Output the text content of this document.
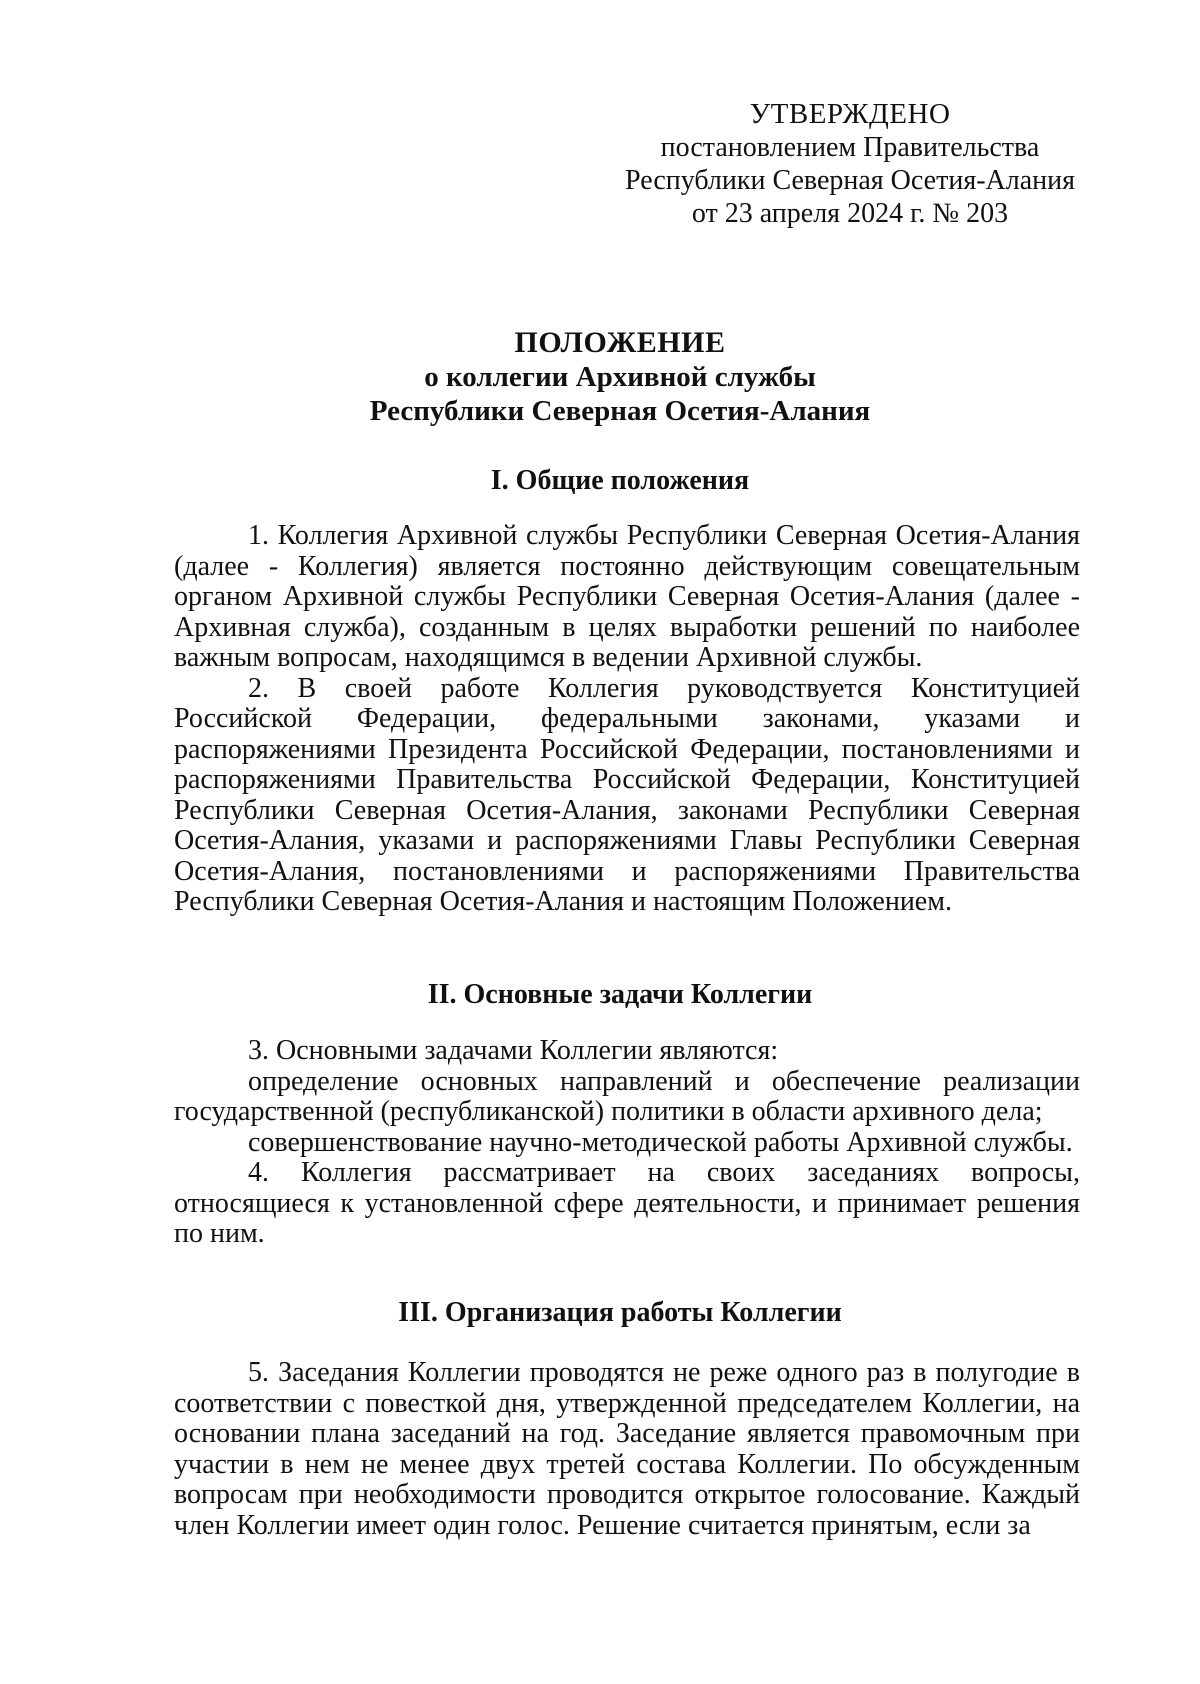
УТВЕРЖДЕНО
постановлением Правительства
Республики Северная Осетия-Алания
от 23 апреля 2024 г. № 203
ПОЛОЖЕНИЕ
о коллегии Архивной службы
Республики Северная Осетия-Алания
I. Общие положения

1. Коллегия Архивной службы Республики Северная Осетия-Алания (далее - Коллегия) является постоянно действующим совещательным органом Архивной службы Республики Северная Осетия-Алания (далее - Архивная служба), созданным в целях выработки решений по наиболее важным вопросам, находящимся в ведении Архивной службы.

2. В своей работе Коллегия руководствуется Конституцией Российской Федерации, федеральными законами, указами и распоряжениями Президента Российской Федерации, постановлениями и распоряжениями Правительства Российской Федерации, Конституцией Республики Северная Осетия-Алания, законами Республики Северная Осетия-Алания, указами и распоряжениями Главы Республики Северная Осетия-Алания, постановлениями и распоряжениями Правительства Республики Северная Осетия-Алания и настоящим Положением.

II. Основные задачи Коллегии

3. Основными задачами Коллегии являются:

определение основных направлений и обеспечение реализации государственной (республиканской) политики в области архивного дела;

совершенствование научно-методической работы Архивной службы.

4. Коллегия рассматривает на своих заседаниях вопросы, относящиеся к установленной сфере деятельности, и принимает решения по ним.

III. Организация работы Коллегии

5. Заседания Коллегии проводятся не реже одного раз в полугодие в соответствии с повесткой дня, утвержденной председателем Коллегии, на основании плана заседаний на год. Заседание является правомочным при участии в нем не менее двух третей состава Коллегии. По обсужденным вопросам при необходимости проводится открытое голосование. Каждый член Коллегии имеет один голос. Решение считается принятым, если за
